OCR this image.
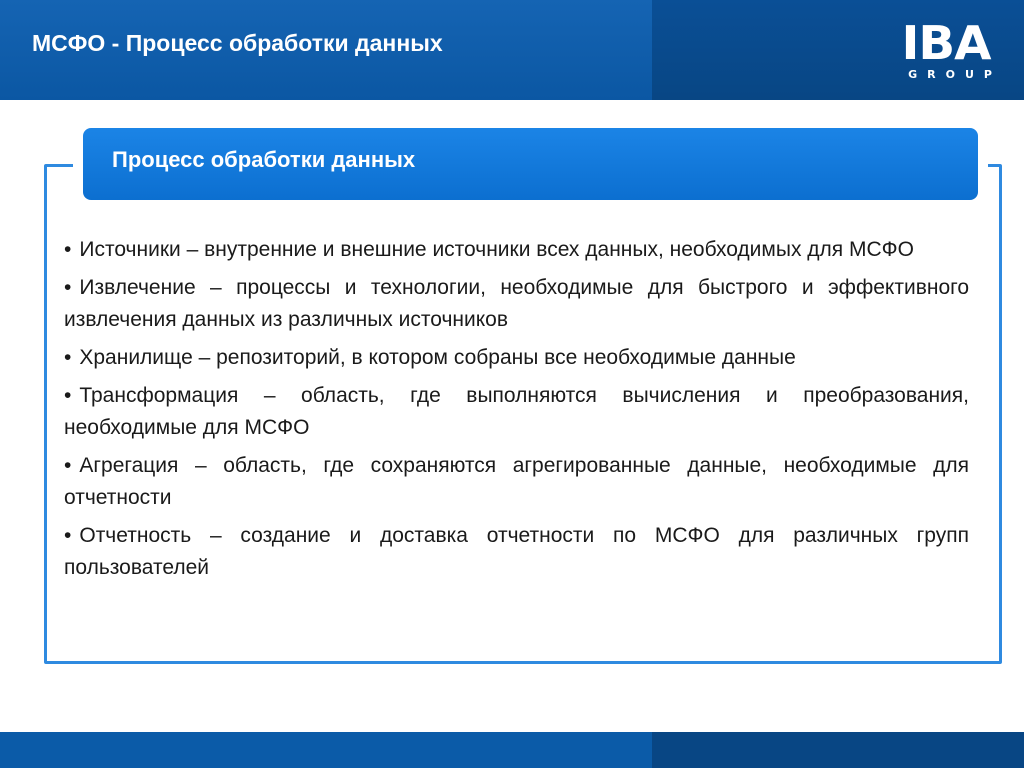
МСФО - Процесс обработки данных	IBA
GROUP
Процесс обработки данных
• Источники – внутренние и внешние источники всех данных, необходимых для МСФО
• Извлечение – процессы и технологии, необходимые для быстрого и эффективного извлечения данных из различных источников
• Хранилище – репозиторий, в котором собраны все необходимые данные
• Трансформация – область, где выполняются вычисления и преобразования, необходимые для МСФО
• Агрегация – область, где сохраняются агрегированные данные, необходимые для отчетности
• Отчетность – создание и доставка отчетности по МСФО для различных групп пользователей
